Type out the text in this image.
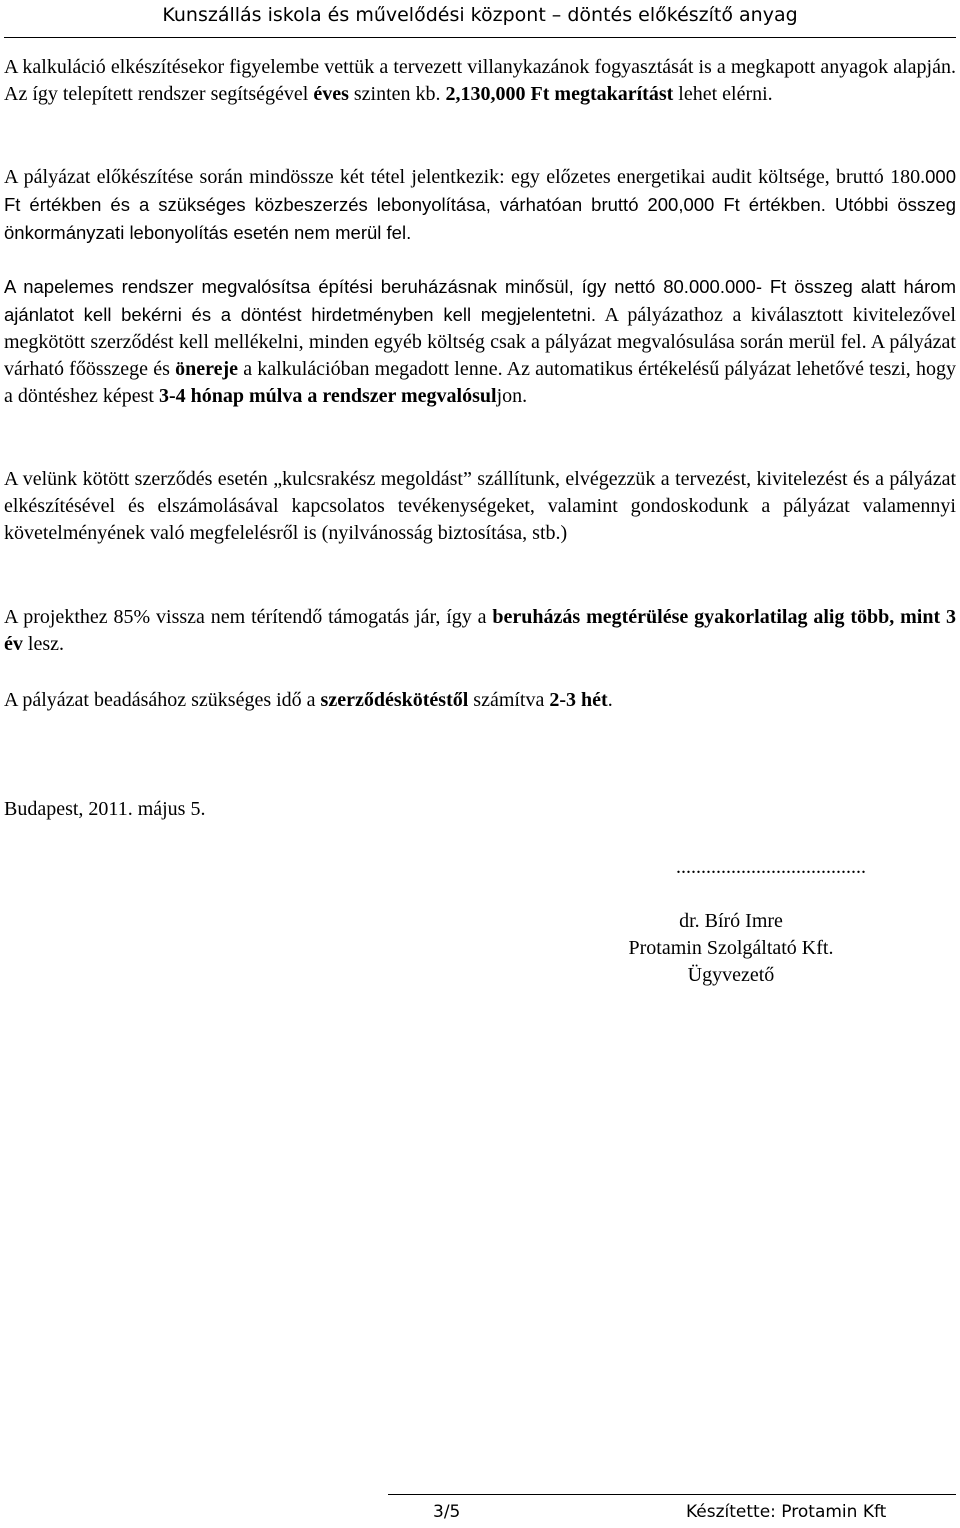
Kunszállás iskola és művelődési központ – döntés előkészítő anyag

A kalkuláció elkészítésekor figyelembe vettük a tervezett villanykazánok fogyasztását is a megkapott anyagok alapján. Az így telepített rendszer segítségével éves szinten kb. 2,130,000 Ft megtakarítást lehet elérni.

A pályázat előkészítése során mindössze két tétel jelentkezik: egy előzetes energetikai audit költsége, bruttó 180.000 Ft értékben és a szükséges közbeszerzés lebonyolítása, várhatóan bruttó 200,000 Ft értékben. Utóbbi összeg önkormányzati lebonyolítás esetén nem merül fel.

A napelemes rendszer megvalósítsa építési beruházásnak minősül, így nettó 80.000.000- Ft összeg alatt három ajánlatot kell bekérni és a döntést hirdetményben kell megjelentetni. A pályázathoz a kiválasztott kivitelezővel megkötött szerződést kell mellékelni, minden egyéb költség csak a pályázat megvalósulása során merül fel. A pályázat várható főösszege és önereje a kalkulációban megadott lenne. Az automatikus értékelésű pályázat lehetővé teszi, hogy a döntéshez képest 3-4 hónap múlva a rendszer megvalósuljon.

A velünk kötött szerződés esetén „kulcsrakész megoldást” szállítunk, elvégezzük a tervezést, kivitelezést és a pályázat elkészítésével és elszámolásával kapcsolatos tevékenységeket, valamint gondoskodunk a pályázat valamennyi követelményének való megfelelésről is (nyilvánosság biztosítása, stb.)

A projekthez 85% vissza nem térítendő támogatás jár, így a beruházás megtérülése gyakorlatilag alig több, mint 3 év lesz.

A pályázat beadásához szükséges idő a szerződéskötéstől számítva 2-3 hét.

Budapest, 2011. május 5.
......................................
dr. Bíró Imre
Protamin Szolgáltató Kft.
Ügyvezető
3/5	Készítette: Protamin Kft
